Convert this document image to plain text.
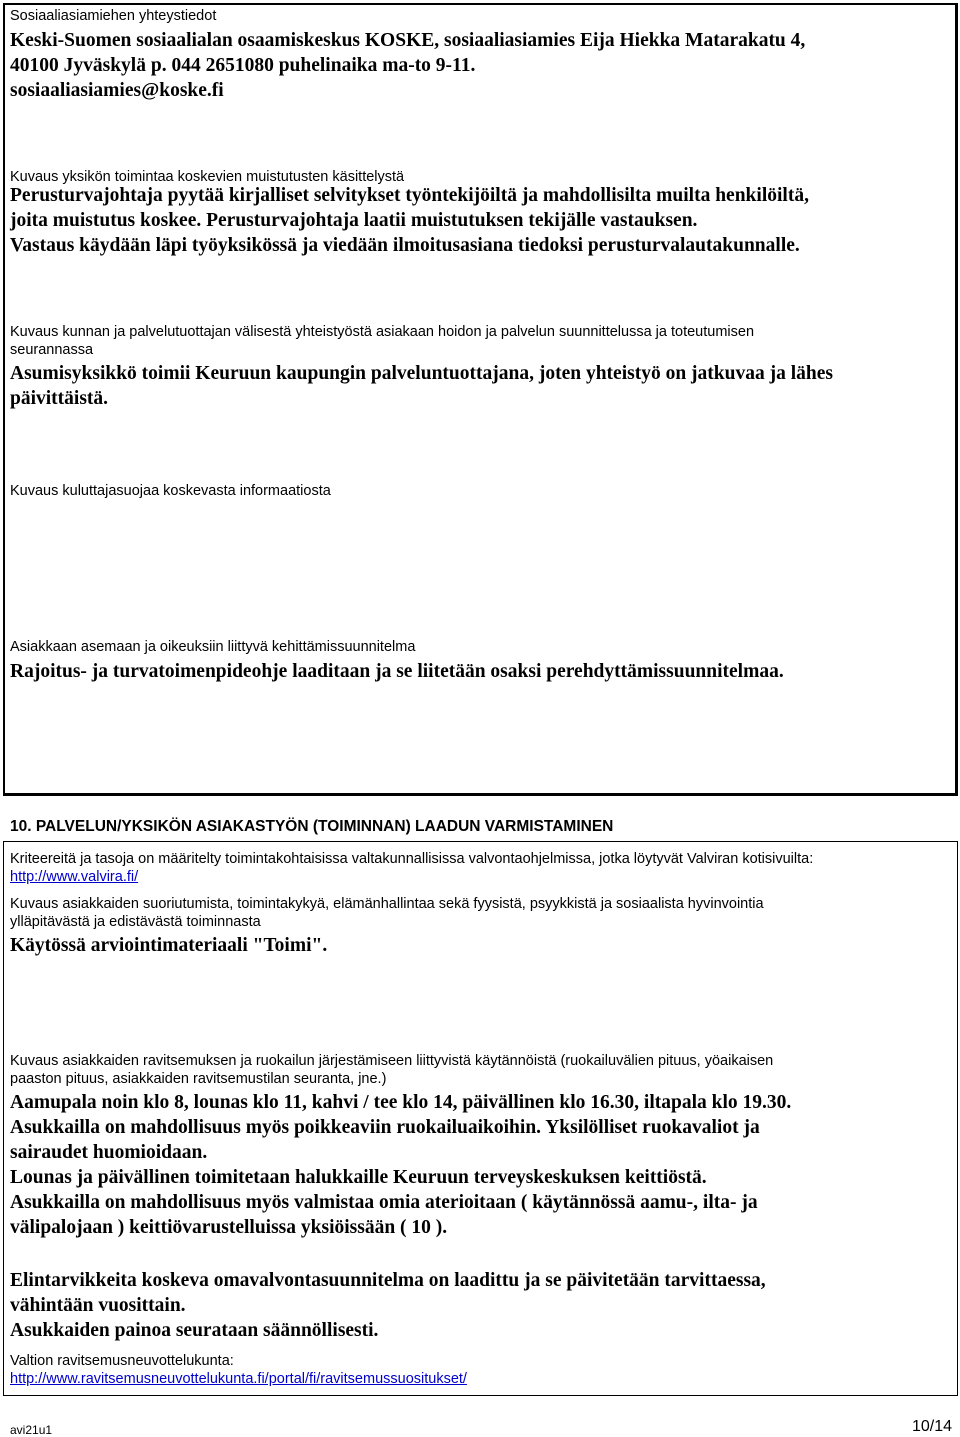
Sosiaaliasiamiehen yhteystiedot
Keski-Suomen sosiaalialan osaamiskeskus KOSKE, sosiaaliasiamies Eija Hiekka Matarakatu 4,
40100 Jyväskylä p. 044 2651080 puhelinaika ma-to 9-11.
sosiaaliasiamies@koske.fi
Kuvaus yksikön toimintaa koskevien muistutusten käsittelystä
Perusturvajohtaja pyytää kirjalliset selvitykset työntekijöiltä ja mahdollisilta muilta henkilöiltä,
joita muistutus koskee. Perusturvajohtaja laatii muistutuksen tekijälle vastauksen.
Vastaus käydään läpi työyksikössä ja viedään ilmoitusasiana tiedoksi perusturvalautakunnalle.
Kuvaus kunnan ja palvelutuottajan välisestä yhteistyöstä asiakaan hoidon ja palvelun suunnittelussa ja toteutumisen
seurannassa
Asumisyksikkö toimii Keuruun kaupungin palveluntuottajana, joten yhteistyö on jatkuvaa ja lähes
päivittäistä.
Kuvaus kuluttajasuojaa koskevasta informaatiosta
Asiakkaan asemaan ja oikeuksiin liittyvä kehittämissuunnitelma
Rajoitus- ja turvatoimenpideohje laaditaan ja se liitetään osaksi perehdyttämissuunnitelmaa.
10. PALVELUN/YKSIKÖN ASIAKASTYÖN (TOIMINNAN) LAADUN VARMISTAMINEN
Kriteereitä ja tasoja on määritelty toimintakohtaisissa valtakunnallisissa valvontaohjelmissa, jotka löytyvät Valviran kotisivuilta:
http://www.valvira.fi/
Kuvaus asiakkaiden suoriutumista, toimintakykyä, elämänhallintaa sekä fyysistä, psyykkistä ja sosiaalista hyvinvointia
ylläpitävästä ja edistävästä toiminnasta
Käytössä arviointimateriaali "Toimi".
Kuvaus asiakkaiden ravitsemuksen ja ruokailun järjestämiseen liittyvistä käytännöistä (ruokailuvälien pituus, yöaikaisen
paaston pituus, asiakkaiden ravitsemustilan seuranta, jne.)
Aamupala noin klo 8, lounas klo 11, kahvi / tee klo 14, päivällinen klo 16.30, iltapala klo 19.30.
Asukkailla on mahdollisuus myös poikkeaviin ruokailuaikoihin. Yksilölliset ruokavaliot ja
sairaudet huomioidaan.
Lounas ja päivällinen toimitetaan halukkaille Keuruun terveyskeskuksen keittiöstä.
Asukkailla on mahdollisuus myös valmistaa omia aterioitaan ( käytännössä aamu-, ilta- ja
välipalojaan ) keittiövarustelluissa yksiöissään ( 10 ).
Elintarvikkeita koskeva omavalvontasuunnitelma on laadittu ja se päivitetään tarvittaessa,
vähintään vuosittain.
Asukkaiden painoa seurataan säännöllisesti.
Valtion ravitsemusneuvottelukunta:
http://www.ravitsemusneuvottelukunta.fi/portal/fi/ravitsemussuositukset/
avi21u1	10/14
